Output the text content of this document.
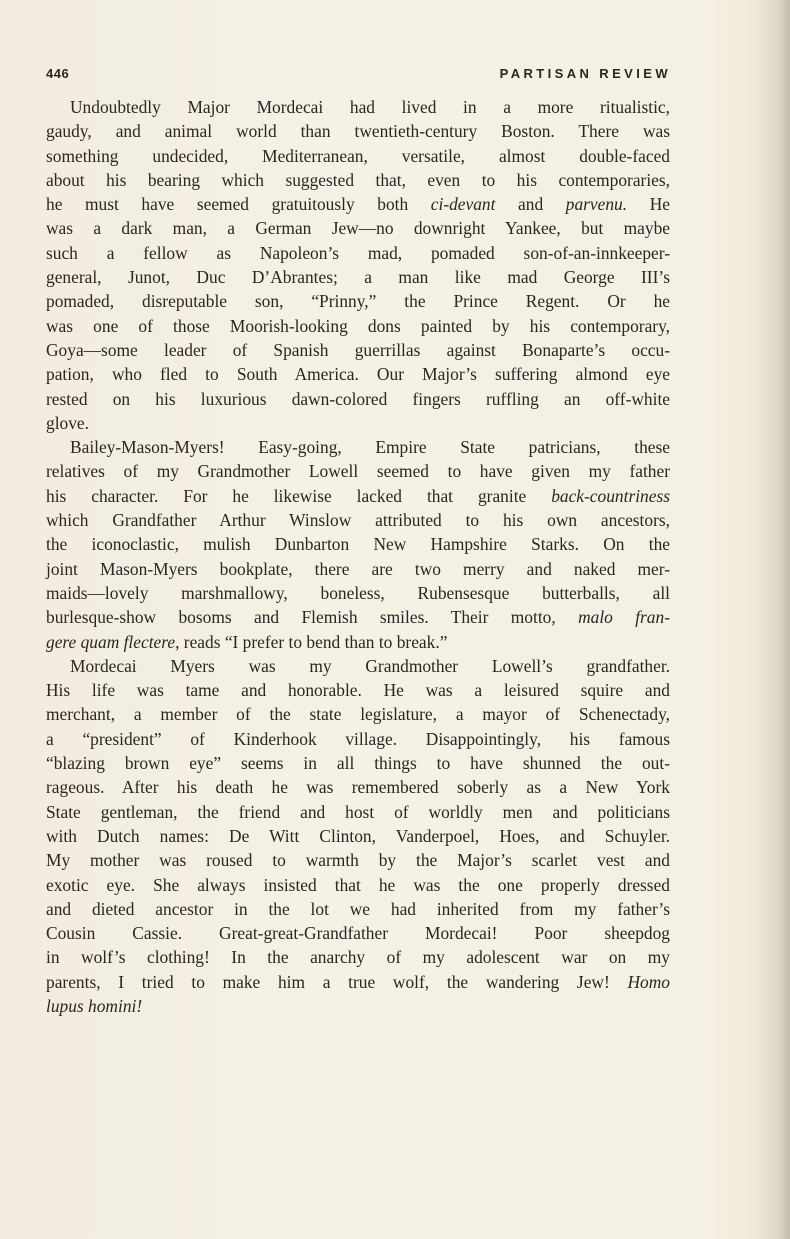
446	PARTISAN REVIEW
Undoubtedly Major Mordecai had lived in a more ritualistic,
gaudy, and animal world than twentieth-century Boston. There was
something undecided, Mediterranean, versatile, almost double-faced
about his bearing which suggested that, even to his contemporaries,
he must have seemed gratuitously both ci-devant and parvenu. He
was a dark man, a German Jew—no downright Yankee, but maybe
such a fellow as Napoleon’s mad, pomaded son-of-an-innkeeper-
general, Junot, Duc D’Abrantes; a man like mad George III’s
pomaded, disreputable son, “Prinny,” the Prince Regent. Or he
was one of those Moorish-looking dons painted by his contemporary,
Goya—some leader of Spanish guerrillas against Bonaparte’s occu-
pation, who fled to South America. Our Major’s suffering almond eye
rested on his luxurious dawn-colored fingers ruffling an off-white
glove.
Bailey-Mason-Myers! Easy-going, Empire State patricians, these
relatives of my Grandmother Lowell seemed to have given my father
his character. For he likewise lacked that granite back-countriness
which Grandfather Arthur Winslow attributed to his own ancestors,
the iconoclastic, mulish Dunbarton New Hampshire Starks. On the
joint Mason-Myers bookplate, there are two merry and naked mer-
maids—lovely marshmallowy, boneless, Rubensesque butterballs, all
burlesque-show bosoms and Flemish smiles. Their motto, malo fran-
gere quam flectere, reads “I prefer to bend than to break.”
Mordecai Myers was my Grandmother Lowell’s grandfather.
His life was tame and honorable. He was a leisured squire and
merchant, a member of the state legislature, a mayor of Schenectady,
a “president” of Kinderhook village. Disappointingly, his famous
“blazing brown eye” seems in all things to have shunned the out-
rageous. After his death he was remembered soberly as a New York
State gentleman, the friend and host of worldly men and politicians
with Dutch names: De Witt Clinton, Vanderpoel, Hoes, and Schuyler.
My mother was roused to warmth by the Major’s scarlet vest and
exotic eye. She always insisted that he was the one properly dressed
and dieted ancestor in the lot we had inherited from my father’s
Cousin Cassie. Great-great-Grandfather Mordecai! Poor sheepdog
in wolf’s clothing! In the anarchy of my adolescent war on my
parents, I tried to make him a true wolf, the wandering Jew! Homo
lupus homini!
